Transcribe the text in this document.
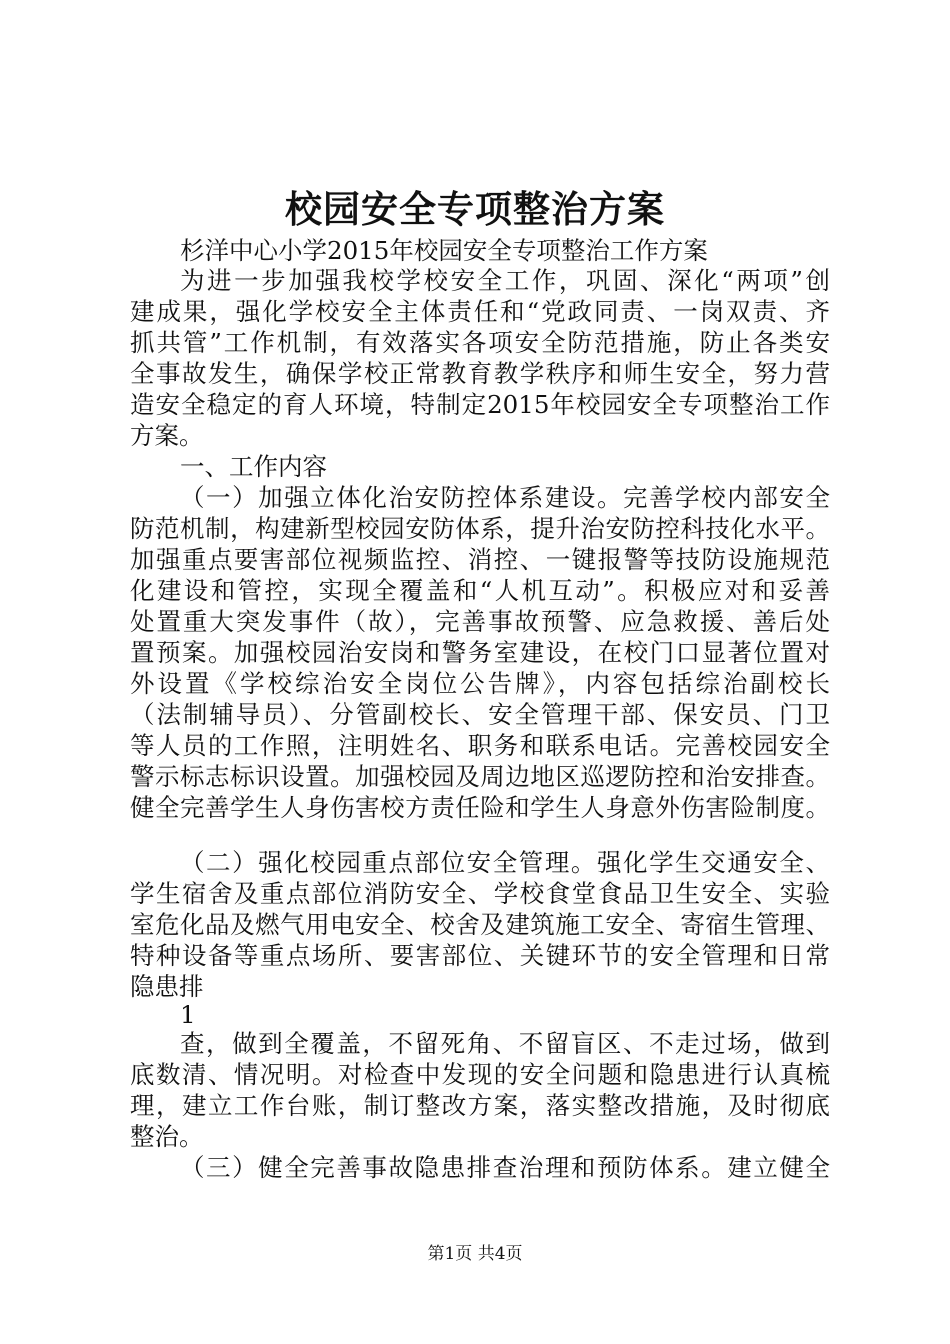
校园安全专项整治方案
杉洋中心小学2015年校园安全专项整治工作方案
为进一步加强我校学校安全工作，巩固、深化“两项”创
建成果，强化学校安全主体责任和“党政同责、一岗双责、齐
抓共管”工作机制，有效落实各项安全防范措施，防止各类安
全事故发生，确保学校正常教育教学秩序和师生安全，努力营
造安全稳定的育人环境，特制定2015年校园安全专项整治工作
方案。
一、工作内容
（一）加强立体化治安防控体系建设。完善学校内部安全
防范机制，构建新型校园安防体系，提升治安防控科技化水平。
加强重点要害部位视频监控、消控、一键报警等技防设施规范
化建设和管控，实现全覆盖和“人机互动”。积极应对和妥善
处置重大突发事件（故），完善事故预警、应急救援、善后处
置预案。加强校园治安岗和警务室建设，在校门口显著位置对
外设置《学校综治安全岗位公告牌》，内容包括综治副校长
（法制辅导员）、分管副校长、安全管理干部、保安员、门卫
等人员的工作照，注明姓名、职务和联系电话。完善校园安全
警示标志标识设置。加强校园及周边地区巡逻防控和治安排查。
健全完善学生人身伤害校方责任险和学生人身意外伤害险制度。
（二）强化校园重点部位安全管理。强化学生交通安全、
学生宿舍及重点部位消防安全、学校食堂食品卫生安全、实验
室危化品及燃气用电安全、校舍及建筑施工安全、寄宿生管理、
特种设备等重点场所、要害部位、关键环节的安全管理和日常
隐患排
1
查，做到全覆盖，不留死角、不留盲区、不走过场，做到
底数清、情况明。对检查中发现的安全问题和隐患进行认真梳
理，建立工作台账，制订整改方案，落实整改措施，及时彻底
整治。
（三）健全完善事故隐患排查治理和预防体系。建立健全
第1页 共4页
